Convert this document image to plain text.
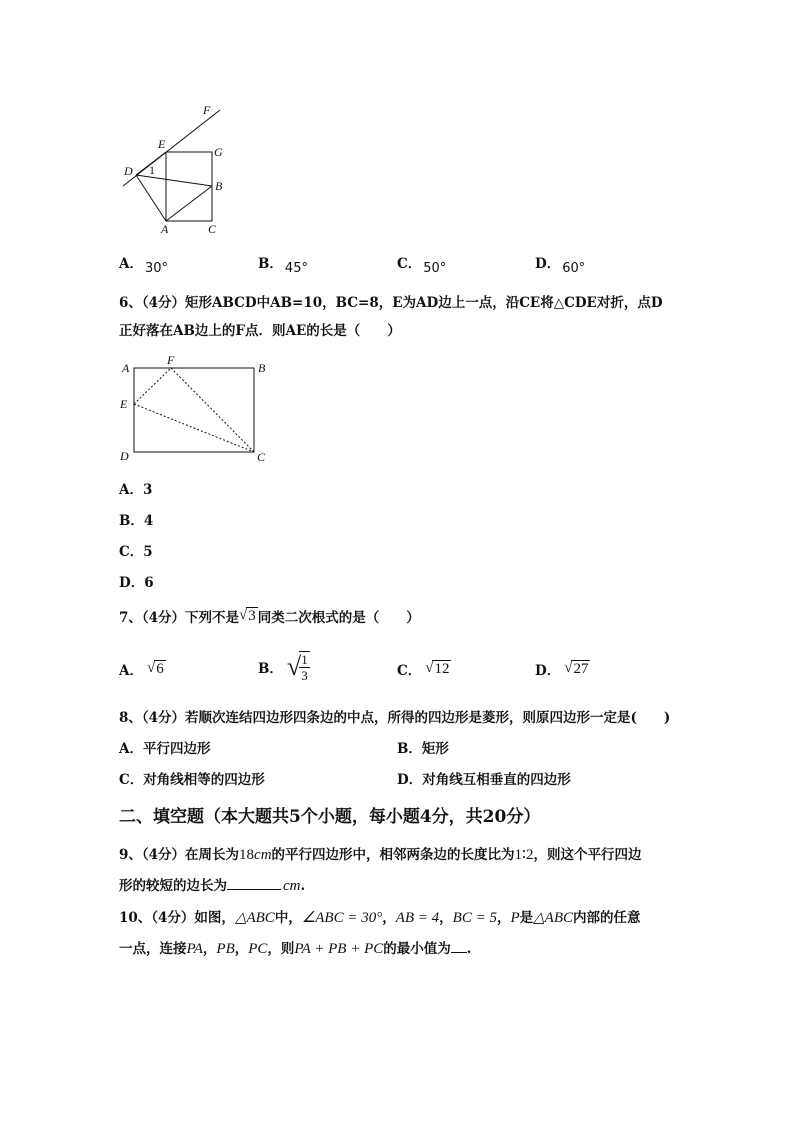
F
E
G
D 1
B
A	C
A． $_{30^\circ}$	B． $_{45^\circ}$	C． $_{50^\circ}$	D． $_{60^\circ}$
6、（4分）矩形ABCD中AB=10，BC=8，E为AD边上一点，沿CE将△CDE对折，点D
正好落在AB边上的F点．则AE的长是（　　）
A
F
B
E
D	C
A．3
B．4
C．5
D．6
7、（4分）下列不是 √ 3 同类二次根式的是（　　）
A． √ 6	B． √
$\frac{1}{3}$	C． √ 12	D． √ 27
8、（4分）若顺次连结四边形四条边的中点，所得的四边形是菱形，则原四边形一定是(　　)
A．平行四边形	B．矩形
C．对角线相等的四边形	D．对角线互相垂直的四边形
二、填空题（本大题共5个小题，每小题4分，共20分）
9、（4分）在周长为18cm的平行四边形中，相邻两条边的长度比为1∶2，则这个平行四边
形的较短的边长为	cm.
10、（4分）如图，△ABC中，∠ABC = 30°，AB = 4，BC = 5，P是△ABC内部的任意
一点，连接PA，PB，PC，则PA + PB + PC的最小值为 .
